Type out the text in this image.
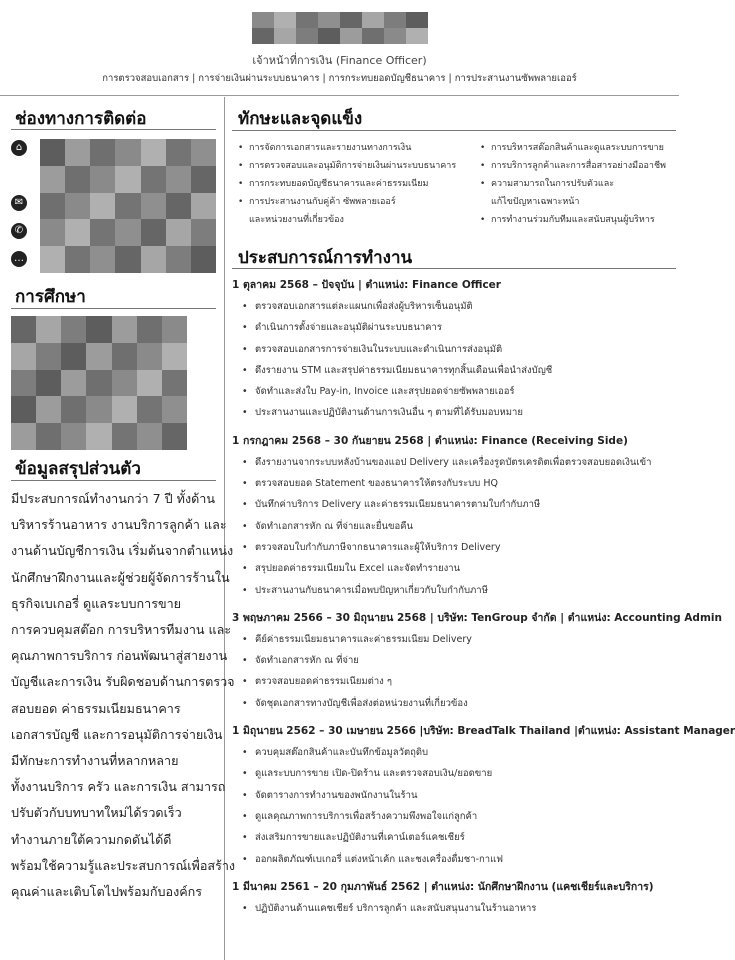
เจ้าหน้าที่การเงิน (Finance Officer)
การตรวจสอบเอกสาร | การจ่ายเงินผ่านระบบธนาคาร | การกระทบยอดบัญชีธนาคาร | การประสานงานซัพพลายเออร์
ช่องทางการติดต่อ
⌂
✉
✆
…
การศึกษา
ข้อมูลสรุปส่วนตัว

มีประสบการณ์ทำงานกว่า 7 ปี ทั้งด้าน

บริหารร้านอาหาร งานบริการลูกค้า และ

งานด้านบัญชีการเงิน เริ่มต้นจากตำแหน่ง

นักศึกษาฝึกงานและผู้ช่วยผู้จัดการร้านใน

ธุรกิจเบเกอรี่ ดูแลระบบการขาย

การควบคุมสต๊อก การบริหารทีมงาน และ

คุณภาพการบริการ ก่อนพัฒนาสู่สายงาน

บัญชีและการเงิน รับผิดชอบด้านการตรวจ

สอบยอด ค่าธรรมเนียมธนาคาร

เอกสารบัญชี และการอนุมัติการจ่ายเงิน

มีทักษะการทำงานที่หลากหลาย

ทั้งงานบริการ ครัว และการเงิน สามารถ

ปรับตัวกับบทบาทใหม่ได้รวดเร็ว

ทำงานภายใต้ความกดดันได้ดี

พร้อมใช้ความรู้และประสบการณ์เพื่อสร้าง

คุณค่าและเติบโตไปพร้อมกับองค์กร

ทักษะและจุดแข็ง
• การจัดการเอกสารและรายงานทางการเงิน
• การตรวจสอบและอนุมัติการจ่ายเงินผ่านระบบธนาคาร
• การกระทบยอดบัญชีธนาคารและค่าธรรมเนียม
• การประสานงานกับคู่ค้า ซัพพลายเออร์
และหน่วยงานที่เกี่ยวข้อง
• การบริหารสต๊อกสินค้าและดูแลระบบการขาย
• การบริการลูกค้าและการสื่อสารอย่างมืออาชีพ
• ความสามารถในการปรับตัวและ
แก้ไขปัญหาเฉพาะหน้า
• การทำงานร่วมกับทีมและสนับสนุนผู้บริหาร
ประสบการณ์การทำงาน
1 ตุลาคม 2568 – ปัจจุบัน | ตำแหน่ง: Finance Officer
• ตรวจสอบเอกสารแต่ละแผนกเพื่อส่งผู้บริหารเซ็นอนุมัติ
• ดำเนินการตั้งจ่ายและอนุมัติผ่านระบบธนาคาร
• ตรวจสอบเอกสารการจ่ายเงินในระบบและดำเนินการส่งอนุมัติ
• ดึงรายงาน STM และสรุปค่าธรรมเนียมธนาคารทุกสิ้นเดือนเพื่อนำส่งบัญชี
• จัดทำและส่งใบ Pay-in, Invoice และสรุปยอดจ่ายซัพพลายเออร์
• ประสานงานและปฏิบัติงานด้านการเงินอื่น ๆ ตามที่ได้รับมอบหมาย
1 กรกฎาคม 2568 – 30 กันยายน 2568 | ตำแหน่ง: Finance (Receiving Side)
• ดึงรายงานจากระบบหลังบ้านของแอป Delivery และเครื่องรูดบัตรเครดิตเพื่อตรวจสอบยอดเงินเข้า
• ตรวจสอบยอด Statement ของธนาคารให้ตรงกับระบบ HQ
• บันทึกค่าบริการ Delivery และค่าธรรมเนียมธนาคารตามใบกำกับภาษี
• จัดทำเอกสารหัก ณ ที่จ่ายและยื่นขอคืน
• ตรวจสอบใบกำกับภาษีจากธนาคารและผู้ให้บริการ Delivery
• สรุปยอดค่าธรรมเนียมใน Excel และจัดทำรายงาน
• ประสานงานกับธนาคารเมื่อพบปัญหาเกี่ยวกับใบกำกับภาษี
3 พฤษภาคม 2566 – 30 มิถุนายน 2568 | บริษัท: TenGroup จำกัด | ตำแหน่ง: Accounting Admin
• คีย์ค่าธรรมเนียมธนาคารและค่าธรรมเนียม Delivery
• จัดทำเอกสารหัก ณ ที่จ่าย
• ตรวจสอบยอดค่าธรรมเนียมต่าง ๆ
• จัดชุดเอกสารทางบัญชีเพื่อส่งต่อหน่วยงานที่เกี่ยวข้อง
1 มิถุนายน 2562 – 30 เมษายน 2566 |บริษัท: BreadTalk Thailand |ตำแหน่ง: Assistant Manager
• ควบคุมสต๊อกสินค้าและบันทึกข้อมูลวัตถุดิบ
• ดูแลระบบการขาย เปิด-ปิดร้าน และตรวจสอบเงิน/ยอดขาย
• จัดตารางการทำงานของพนักงานในร้าน
• ดูแลคุณภาพการบริการเพื่อสร้างความพึงพอใจแก่ลูกค้า
• ส่งเสริมการขายและปฏิบัติงานที่เคาน์เตอร์แคชเชียร์
• ออกผลิตภัณฑ์เบเกอรี่ แต่งหน้าเค้ก และชงเครื่องดื่มชา-กาแฟ
1 มีนาคม 2561 – 20 กุมภาพันธ์ 2562 | ตำแหน่ง: นักศึกษาฝึกงาน (แคชเชียร์และบริการ)
• ปฏิบัติงานด้านแคชเชียร์ บริการลูกค้า และสนับสนุนงานในร้านอาหาร
